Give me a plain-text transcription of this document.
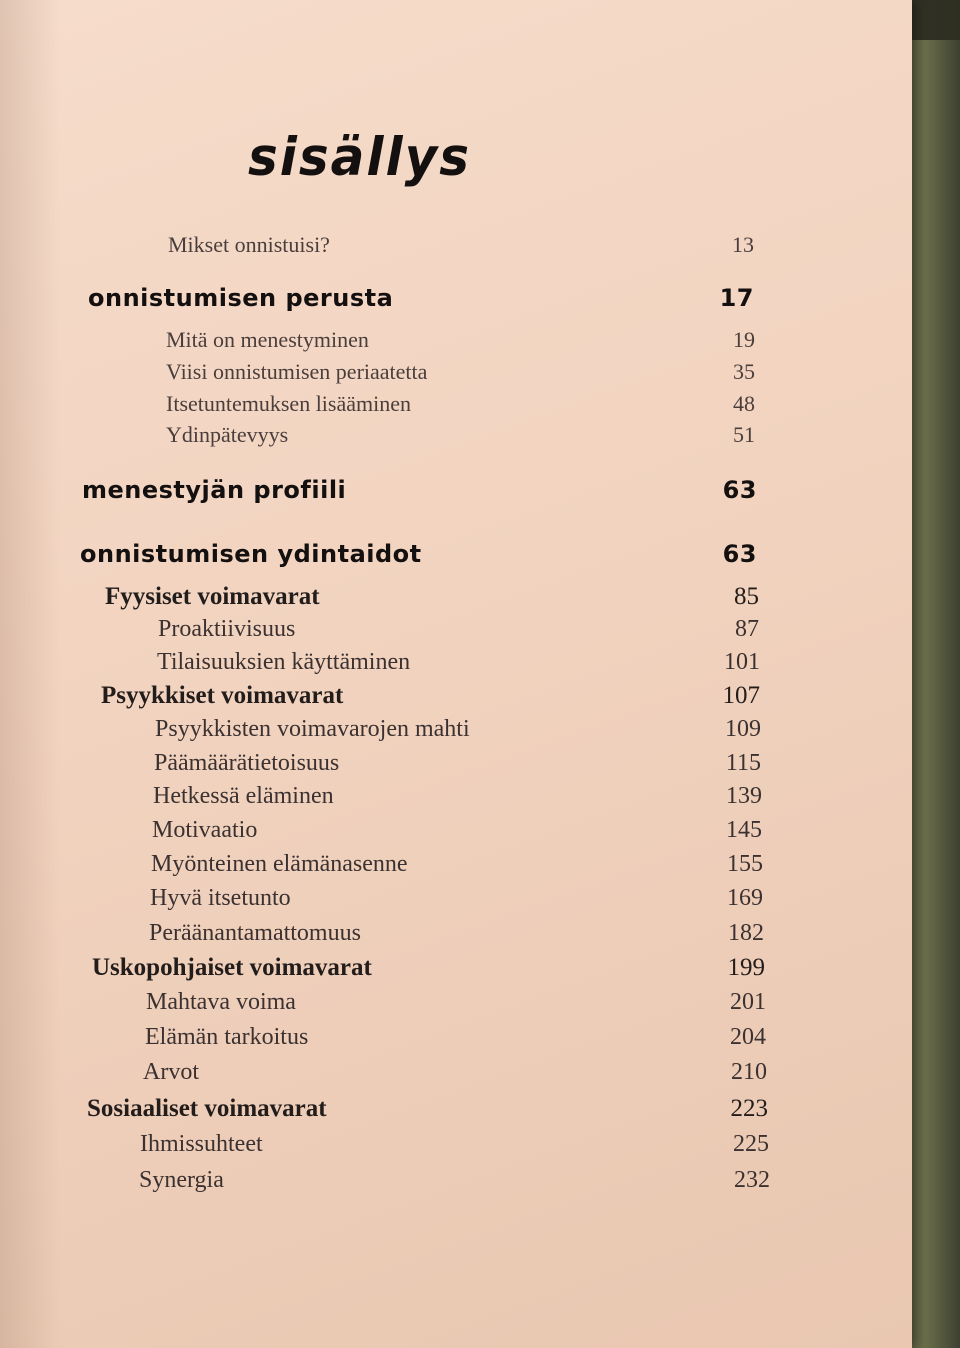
sisällys
Mikset onnistuisi?	13
onnistumisen perusta	17
Mitä on menestyminen	19
Viisi onnistumisen periaatetta	35
Itsetuntemuksen lisääminen	48
Ydinpätevyys	51
menestyjän profiili	63
onnistumisen ydintaidot	63
Fyysiset voimavarat	85
Proaktiivisuus	87
Tilaisuuksien käyttäminen	101
Psyykkiset voimavarat	107
Psyykkisten voimavarojen mahti	109
Päämäärätietoisuus	115
Hetkessä eläminen	139
Motivaatio	145
Myönteinen elämänasenne	155
Hyvä itsetunto	169
Peräänantamattomuus	182
Uskopohjaiset voimavarat	199
Mahtava voima	201
Elämän tarkoitus	204
Arvot	210
Sosiaaliset voimavarat	223
Ihmissuhteet	225
Synergia	232
